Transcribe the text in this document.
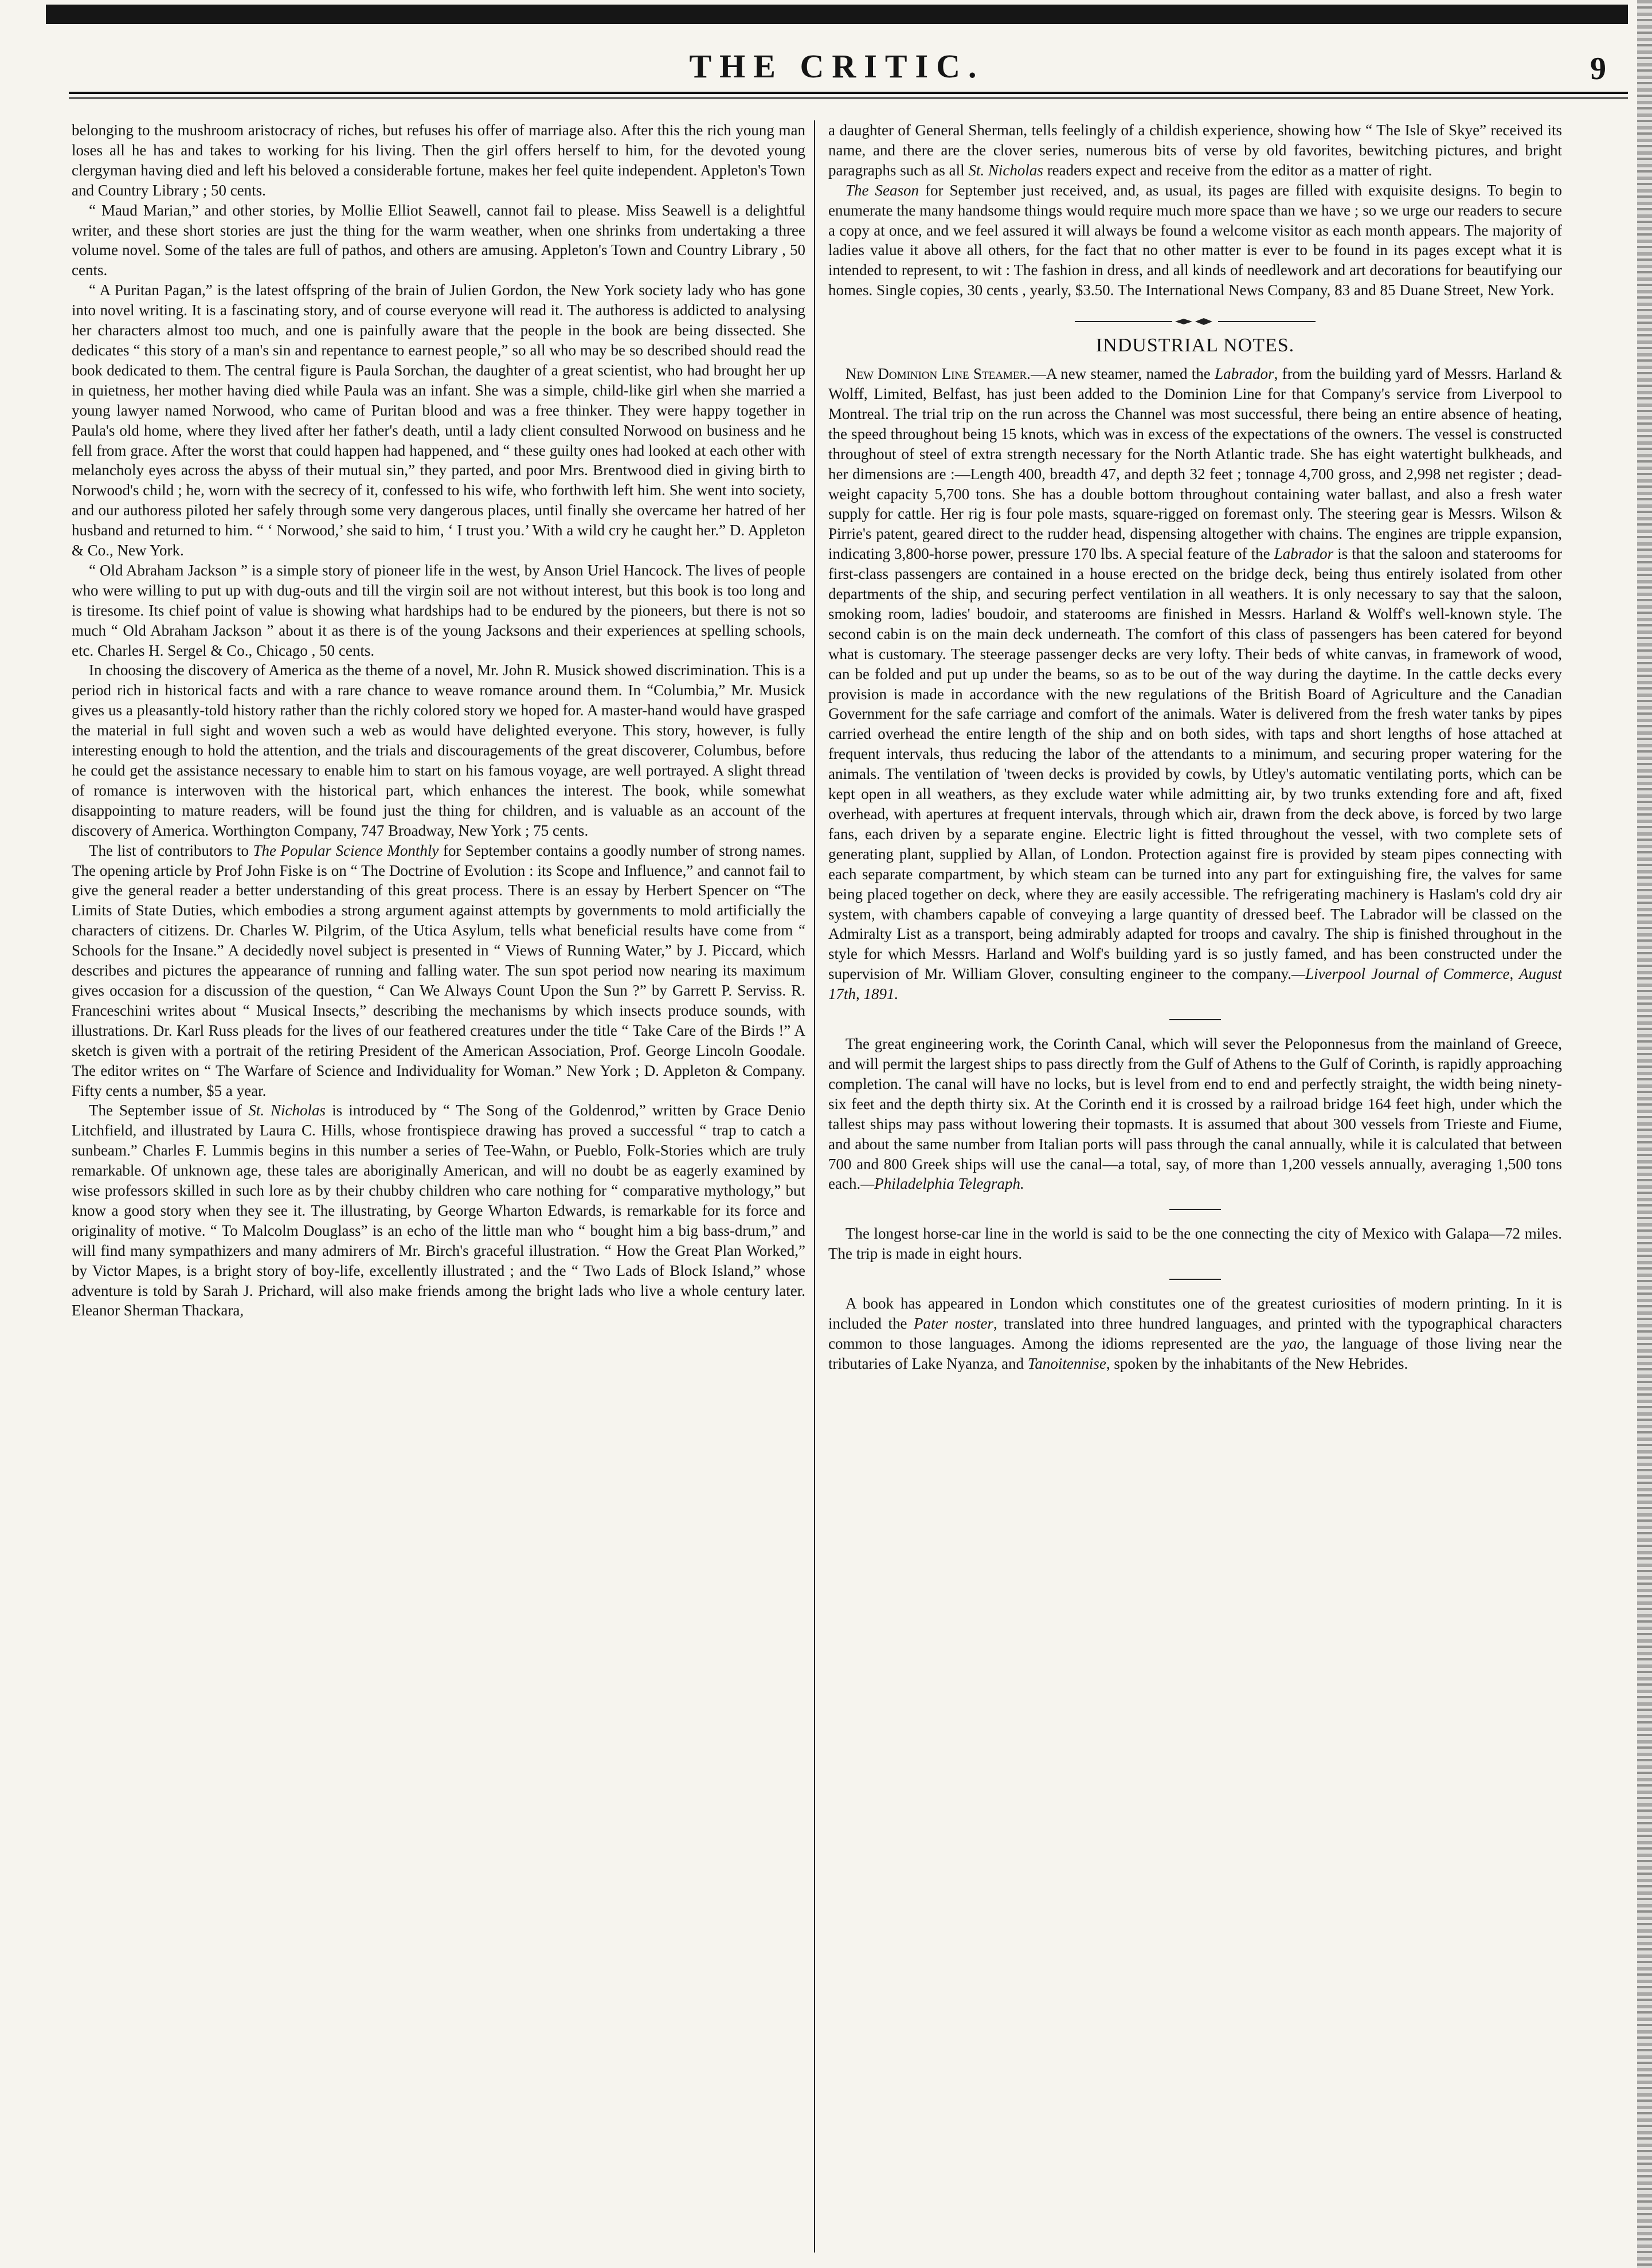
THE CRITIC.	9

belonging to the mushroom aristocracy of riches, but refuses his offer of marriage also. After this the rich young man loses all he has and takes to working for his living. Then the girl offers herself to him, for the devoted young clergyman having died and left his beloved a considerable fortune, makes her feel quite independent. Appleton's Town and Country Library ; 50 cents.

“ Maud Marian,” and other stories, by Mollie Elliot Seawell, cannot fail to please. Miss Seawell is a delightful writer, and these short stories are just the thing for the warm weather, when one shrinks from undertaking a three volume novel. Some of the tales are full of pathos, and others are amusing. Appleton's Town and Country Library , 50 cents.

“ A Puritan Pagan,” is the latest offspring of the brain of Julien Gordon, the New York society lady who has gone into novel writing. It is a fascinating story, and of course everyone will read it. The authoress is addicted to analysing her characters almost too much, and one is painfully aware that the people in the book are being dissected. She dedicates “ this story of a man's sin and repentance to earnest people,” so all who may be so described should read the book dedicated to them. The central figure is Paula Sorchan, the daughter of a great scientist, who had brought her up in quietness, her mother having died while Paula was an infant. She was a simple, child-like girl when she married a young lawyer named Norwood, who came of Puritan blood and was a free thinker. They were happy together in Paula's old home, where they lived after her father's death, until a lady client consulted Norwood on business and he fell from grace. After the worst that could happen had happened, and “ these guilty ones had looked at each other with melancholy eyes across the abyss of their mutual sin,” they parted, and poor Mrs. Brentwood died in giving birth to Norwood's child ; he, worn with the secrecy of it, confessed to his wife, who forthwith left him. She went into society, and our authoress piloted her safely through some very dangerous places, until finally she overcame her hatred of her husband and returned to him. “ ‘ Norwood,’ she said to him, ‘ I trust you.’ With a wild cry he caught her.” D. Appleton & Co., New York.

“ Old Abraham Jackson ” is a simple story of pioneer life in the west, by Anson Uriel Hancock. The lives of people who were willing to put up with dug-outs and till the virgin soil are not without interest, but this book is too long and is tiresome. Its chief point of value is showing what hardships had to be endured by the pioneers, but there is not so much “ Old Abraham Jackson ” about it as there is of the young Jacksons and their experiences at spelling schools, etc. Charles H. Sergel & Co., Chicago , 50 cents.

In choosing the discovery of America as the theme of a novel, Mr. John R. Musick showed discrimination. This is a period rich in historical facts and with a rare chance to weave romance around them. In “Columbia,” Mr. Musick gives us a pleasantly-told history rather than the richly colored story we hoped for. A master-hand would have grasped the material in full sight and woven such a web as would have delighted everyone. This story, however, is fully interesting enough to hold the attention, and the trials and discouragements of the great discoverer, Columbus, before he could get the assistance necessary to enable him to start on his famous voyage, are well portrayed. A slight thread of romance is interwoven with the historical part, which enhances the interest. The book, while somewhat disappointing to mature readers, will be found just the thing for children, and is valuable as an account of the discovery of America. Worthington Company, 747 Broadway, New York ; 75 cents.

The list of contributors to The Popular Science Monthly for September contains a goodly number of strong names. The opening article by Prof John Fiske is on “ The Doctrine of Evolution : its Scope and Influence,” and cannot fail to give the general reader a better understanding of this great process. There is an essay by Herbert Spencer on “The Limits of State Duties, which embodies a strong argument against attempts by governments to mold artificially the characters of citizens. Dr. Charles W. Pilgrim, of the Utica Asylum, tells what beneficial results have come from “ Schools for the Insane.” A decidedly novel subject is presented in “ Views of Running Water,” by J. Piccard, which describes and pictures the appearance of running and falling water. The sun spot period now nearing its maximum gives occasion for a discussion of the question, “ Can We Always Count Upon the Sun ?” by Garrett P. Serviss. R. Franceschini writes about “ Musical Insects,” describing the mechanisms by which insects produce sounds, with illustrations. Dr. Karl Russ pleads for the lives of our feathered creatures under the title “ Take Care of the Birds !” A sketch is given with a portrait of the retiring President of the American Association, Prof. George Lincoln Goodale. The editor writes on “ The Warfare of Science and Individuality for Woman.” New York ; D. Appleton & Company. Fifty cents a number, $5 a year.

The September issue of St. Nicholas is introduced by “ The Song of the Goldenrod,” written by Grace Denio Litchfield, and illustrated by Laura C. Hills, whose frontispiece drawing has proved a successful “ trap to catch a sunbeam.” Charles F. Lummis begins in this number a series of Tee-Wahn, or Pueblo, Folk-Stories which are truly remarkable. Of unknown age, these tales are aboriginally American, and will no doubt be as eagerly examined by wise professors skilled in such lore as by their chubby children who care nothing for “ comparative mythology,” but know a good story when they see it. The illustrating, by George Wharton Edwards, is remarkable for its force and originality of motive. “ To Malcolm Douglass” is an echo of the little man who “ bought him a big bass-drum,” and will find many sympathizers and many admirers of Mr. Birch's graceful illustration. “ How the Great Plan Worked,” by Victor Mapes, is a bright story of boy-life, excellently illustrated ; and the “ Two Lads of Block Island,” whose adventure is told by Sarah J. Prichard, will also make friends among the bright lads who live a whole century later. Eleanor Sherman Thackara,

a daughter of General Sherman, tells feelingly of a childish experience, showing how “ The Isle of Skye” received its name, and there are the clover series, numerous bits of verse by old favorites, bewitching pictures, and bright paragraphs such as all St. Nicholas readers expect and receive from the editor as a matter of right.

The Season for September just received, and, as usual, its pages are filled with exquisite designs. To begin to enumerate the many handsome things would require much more space than we have ; so we urge our readers to secure a copy at once, and we feel assured it will always be found a welcome visitor as each month appears. The majority of ladies value it above all others, for the fact that no other matter is ever to be found in its pages except what it is intended to represent, to wit : The fashion in dress, and all kinds of needlework and art decorations for beautifying our homes. Single copies, 30 cents , yearly, $3.50. The International News Company, 83 and 85 Duane Street, New York.

INDUSTRIAL NOTES.

New Dominion Line Steamer.—A new steamer, named the Labrador, from the building yard of Messrs. Harland & Wolff, Limited, Belfast, has just been added to the Dominion Line for that Company's service from Liverpool to Montreal. The trial trip on the run across the Channel was most successful, there being an entire absence of heating, the speed throughout being 15 knots, which was in excess of the expectations of the owners. The vessel is constructed throughout of steel of extra strength necessary for the North Atlantic trade. She has eight watertight bulkheads, and her dimensions are :—Length 400, breadth 47, and depth 32 feet ; tonnage 4,700 gross, and 2,998 net register ; dead-weight capacity 5,700 tons. She has a double bottom throughout containing water ballast, and also a fresh water supply for cattle. Her rig is four pole masts, square-rigged on foremast only. The steering gear is Messrs. Wilson & Pirrie's patent, geared direct to the rudder head, dispensing altogether with chains. The engines are tripple expansion, indicating 3,800-horse power, pressure 170 lbs. A special feature of the Labrador is that the saloon and staterooms for first-class passengers are contained in a house erected on the bridge deck, being thus entirely isolated from other departments of the ship, and securing perfect ventilation in all weathers. It is only necessary to say that the saloon, smoking room, ladies' boudoir, and staterooms are finished in Messrs. Harland & Wolff's well-known style. The second cabin is on the main deck underneath. The comfort of this class of passengers has been catered for beyond what is customary. The steerage passenger decks are very lofty. Their beds of white canvas, in framework of wood, can be folded and put up under the beams, so as to be out of the way during the daytime. In the cattle decks every provision is made in accordance with the new regulations of the British Board of Agriculture and the Canadian Government for the safe carriage and comfort of the animals. Water is delivered from the fresh water tanks by pipes carried overhead the entire length of the ship and on both sides, with taps and short lengths of hose attached at frequent intervals, thus reducing the labor of the attendants to a minimum, and securing proper watering for the animals. The ventilation of 'tween decks is provided by cowls, by Utley's automatic ventilating ports, which can be kept open in all weathers, as they exclude water while admitting air, by two trunks extending fore and aft, fixed overhead, with apertures at frequent intervals, through which air, drawn from the deck above, is forced by two large fans, each driven by a separate engine. Electric light is fitted throughout the vessel, with two complete sets of generating plant, supplied by Allan, of London. Protection against fire is provided by steam pipes connecting with each separate compartment, by which steam can be turned into any part for extinguishing fire, the valves for same being placed together on deck, where they are easily accessible. The refrigerating machinery is Haslam's cold dry air system, with chambers capable of conveying a large quantity of dressed beef. The Labrador will be classed on the Admiralty List as a transport, being admirably adapted for troops and cavalry. The ship is finished throughout in the style for which Messrs. Harland and Wolf's building yard is so justly famed, and has been constructed under the supervision of Mr. William Glover, consulting engineer to the company.—Liverpool Journal of Commerce, August 17th, 1891.

The great engineering work, the Corinth Canal, which will sever the Peloponnesus from the mainland of Greece, and will permit the largest ships to pass directly from the Gulf of Athens to the Gulf of Corinth, is rapidly approaching completion. The canal will have no locks, but is level from end to end and perfectly straight, the width being ninety-six feet and the depth thirty six. At the Corinth end it is crossed by a railroad bridge 164 feet high, under which the tallest ships may pass without lowering their topmasts. It is assumed that about 300 vessels from Trieste and Fiume, and about the same number from Italian ports will pass through the canal annually, while it is calculated that between 700 and 800 Greek ships will use the canal—a total, say, of more than 1,200 vessels annually, averaging 1,500 tons each.—Philadelphia Telegraph.

The longest horse-car line in the world is said to be the one connecting the city of Mexico with Galapa—72 miles. The trip is made in eight hours.

A book has appeared in London which constitutes one of the greatest curiosities of modern printing. In it is included the Pater noster, translated into three hundred languages, and printed with the typographical characters common to those languages. Among the idioms represented are the yao, the language of those living near the tributaries of Lake Nyanza, and Tanoitennise, spoken by the inhabitants of the New Hebrides.
